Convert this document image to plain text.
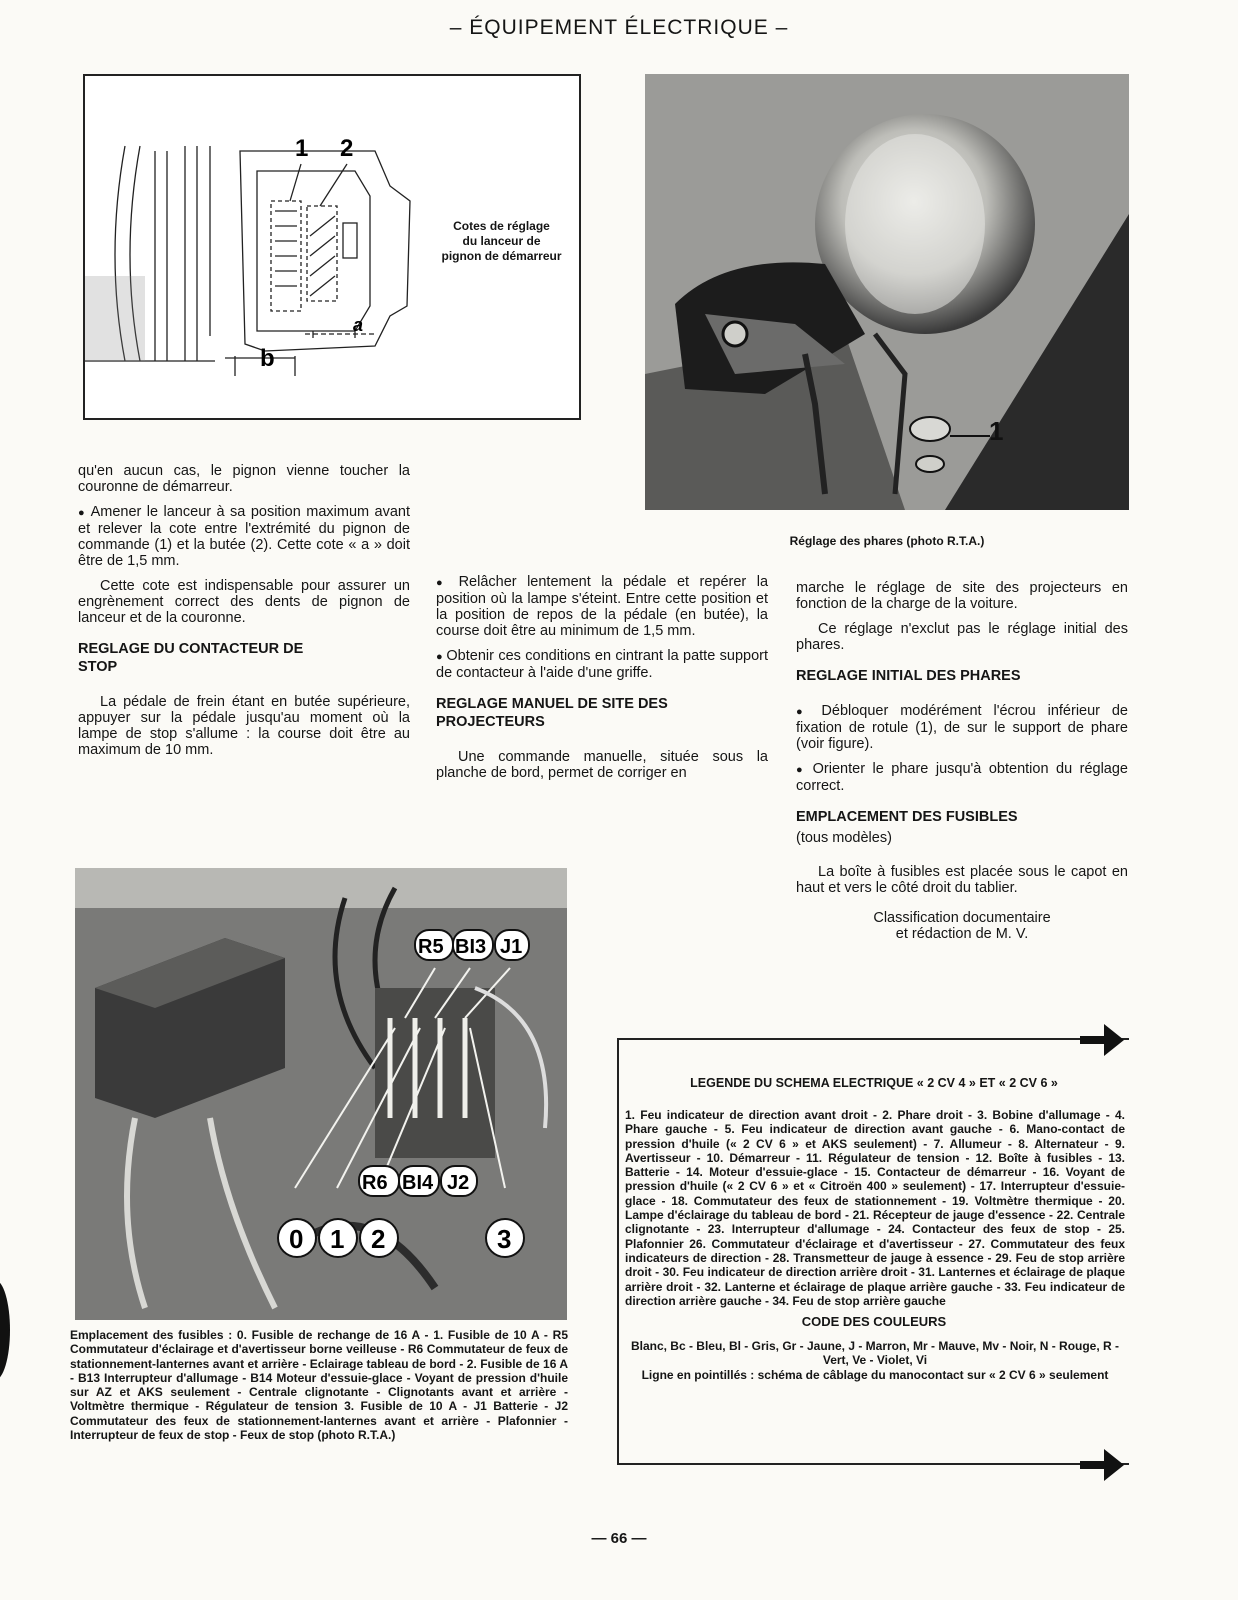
– ÉQUIPEMENT ÉLECTRIQUE –
1 2
a
b
Cotes de réglage
du lanceur de
pignon de démarreur
1
Réglage des phares (photo R.T.A.)

qu'en aucun cas, le pignon vienne toucher la couronne de démarreur.

● Amener le lanceur à sa position maximum avant et relever la cote entre l'extrémité du pignon de commande (1) et la butée (2). Cette cote « a » doit être de 1,5 mm.

Cette cote est indispensable pour assurer un engrènement correct des dents de pignon de lanceur et de la couronne.

REGLAGE DU CONTACTEUR DE STOP

La pédale de frein étant en butée supérieure, appuyer sur la pédale jusqu'au moment où la lampe de stop s'allume : la course doit être au maximum de 10 mm.

● Relâcher lentement la pédale et repérer la position où la lampe s'éteint. Entre cette position et la position de repos de la pédale (en butée), la course doit être au minimum de 1,5 mm.

● Obtenir ces conditions en cintrant la patte support de contacteur à l'aide d'une griffe.

REGLAGE MANUEL DE SITE DES PROJECTEURS

Une commande manuelle, située sous la planche de bord, permet de corriger en

marche le réglage de site des projecteurs en fonction de la charge de la voiture.

Ce réglage n'exclut pas le réglage initial des phares.

REGLAGE INITIAL DES PHARES

● Débloquer modérément l'écrou inférieur de fixation de rotule (1), de sur le support de phare (voir figure).

● Orienter le phare jusqu'à obtention du réglage correct.

EMPLACEMENT DES FUSIBLES

(tous modèles)

La boîte à fusibles est placée sous le capot en haut et vers le côté droit du tablier.

Classification documentaire
et rédaction de M. V.
R5 BI3 J1
R6 BI4 J2
0 1 2	3
Emplacement des fusibles : 0. Fusible de rechange de 16 A - 1. Fusible de 10 A - R5 Commutateur d'éclairage et d'avertisseur borne veilleuse - R6 Commutateur de feux de stationnement-lanternes avant et arrière - Eclairage tableau de bord - 2. Fusible de 16 A - B13 Interrupteur d'allumage - B14 Moteur d'essuie-glace - Voyant de pression d'huile sur AZ et AKS seulement - Centrale clignotante - Clignotants avant et arrière - Voltmètre thermique - Régulateur de tension 3. Fusible de 10 A - J1 Batterie - J2 Commutateur des feux de stationnement-lanternes avant et arrière - Plafonnier - Interrupteur de feux de stop - Feux de stop (photo R.T.A.)
LEGENDE DU SCHEMA ELECTRIQUE « 2 CV 4 » ET « 2 CV 6 »
1. Feu indicateur de direction avant droit - 2. Phare droit - 3. Bobine d'allumage - 4. Phare gauche - 5. Feu indicateur de direction avant gauche - 6. Mano-contact de pression d'huile (« 2 CV 6 » et AKS seulement) - 7. Allumeur - 8. Alternateur - 9. Avertisseur - 10. Démarreur - 11. Régulateur de tension - 12. Boîte à fusibles - 13. Batterie - 14. Moteur d'essuie-glace - 15. Contacteur de démarreur - 16. Voyant de pression d'huile (« 2 CV 6 » et « Citroën 400 » seulement) - 17. Interrupteur d'essuie-glace - 18. Commutateur des feux de stationnement - 19. Voltmètre thermique - 20. Lampe d'éclairage du tableau de bord - 21. Récepteur de jauge d'essence - 22. Centrale clignotante - 23. Interrupteur d'allumage - 24. Contacteur des feux de stop - 25. Plafonnier 26. Commutateur d'éclairage et d'avertisseur - 27. Commutateur des feux indicateurs de direction - 28. Transmetteur de jauge à essence - 29. Feu de stop arrière droit - 30. Feu indicateur de direction arrière droit - 31. Lanternes et éclairage de plaque arrière droit - 32. Lanterne et éclairage de plaque arrière gauche - 33. Feu indicateur de direction arrière gauche - 34. Feu de stop arrière gauche
CODE DES COULEURS
Blanc, Bc - Bleu, Bl - Gris, Gr - Jaune, J - Marron, Mr - Mauve, Mv - Noir, N - Rouge, R - Vert, Ve - Violet, Vi
Ligne en pointillés : schéma de câblage du manocontact sur « 2 CV 6 » seulement
— 66 —
